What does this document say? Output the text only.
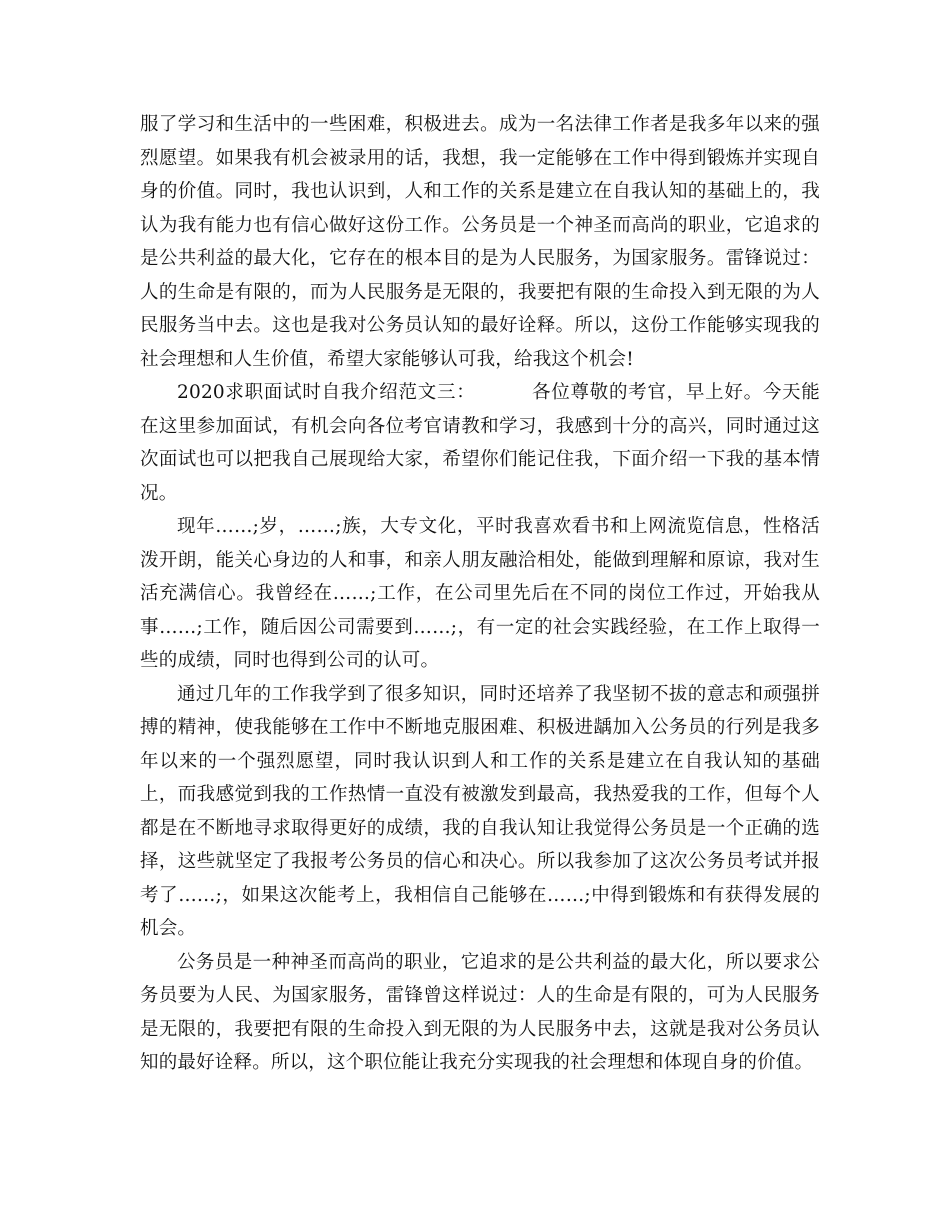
服了学习和生活中的一些困难，积极进去。成为一名法律工作者是我多年以来的强烈愿望。如果我有机会被录用的话，我想，我一定能够在工作中得到锻炼并实现自身的价值。同时，我也认识到，人和工作的关系是建立在自我认知的基础上的，我认为我有能力也有信心做好这份工作。公务员是一个神圣而高尚的职业，它追求的是公共利益的最大化，它存在的根本目的是为人民服务，为国家服务。雷锋说过：人的生命是有限的，而为人民服务是无限的，我要把有限的生命投入到无限的为人民服务当中去。这也是我对公务员认知的最好诠释。所以，这份工作能够实现我的社会理想和人生价值，希望大家能够认可我，给我这个机会!

2020求职面试时自我介绍范文三：	各位尊敬的考官，早上好。今天能在这里参加面试，有机会向各位考官请教和学习，我感到十分的高兴，同时通过这次面试也可以把我自己展现给大家，希望你们能记住我，下面介绍一下我的基本情况。

现年……;岁，……;族，大专文化，平时我喜欢看书和上网流览信息，性格活泼开朗，能关心身边的人和事，和亲人朋友融洽相处，能做到理解和原谅，我对生活充满信心。我曾经在……;工作，在公司里先后在不同的岗位工作过，开始我从事……;工作，随后因公司需要到……;，有一定的社会实践经验，在工作上取得一些的成绩，同时也得到公司的认可。

通过几年的工作我学到了很多知识，同时还培养了我坚韧不拔的意志和顽强拼搏的精神，使我能够在工作中不断地克服困难、积极进龋加入公务员的行列是我多年以来的一个强烈愿望，同时我认识到人和工作的关系是建立在自我认知的基础上，而我感觉到我的工作热情一直没有被激发到最高，我热爱我的工作，但每个人都是在不断地寻求取得更好的成绩，我的自我认知让我觉得公务员是一个正确的选择，这些就坚定了我报考公务员的信心和决心。所以我参加了这次公务员考试并报考了……;，如果这次能考上，我相信自己能够在……;中得到锻炼和有获得发展的机会。

公务员是一种神圣而高尚的职业，它追求的是公共利益的最大化，所以要求公务员要为人民、为国家服务，雷锋曾这样说过：人的生命是有限的，可为人民服务是无限的，我要把有限的生命投入到无限的为人民服务中去，这就是我对公务员认知的最好诠释。所以，这个职位能让我充分实现我的社会理想和体现自身的价值。
